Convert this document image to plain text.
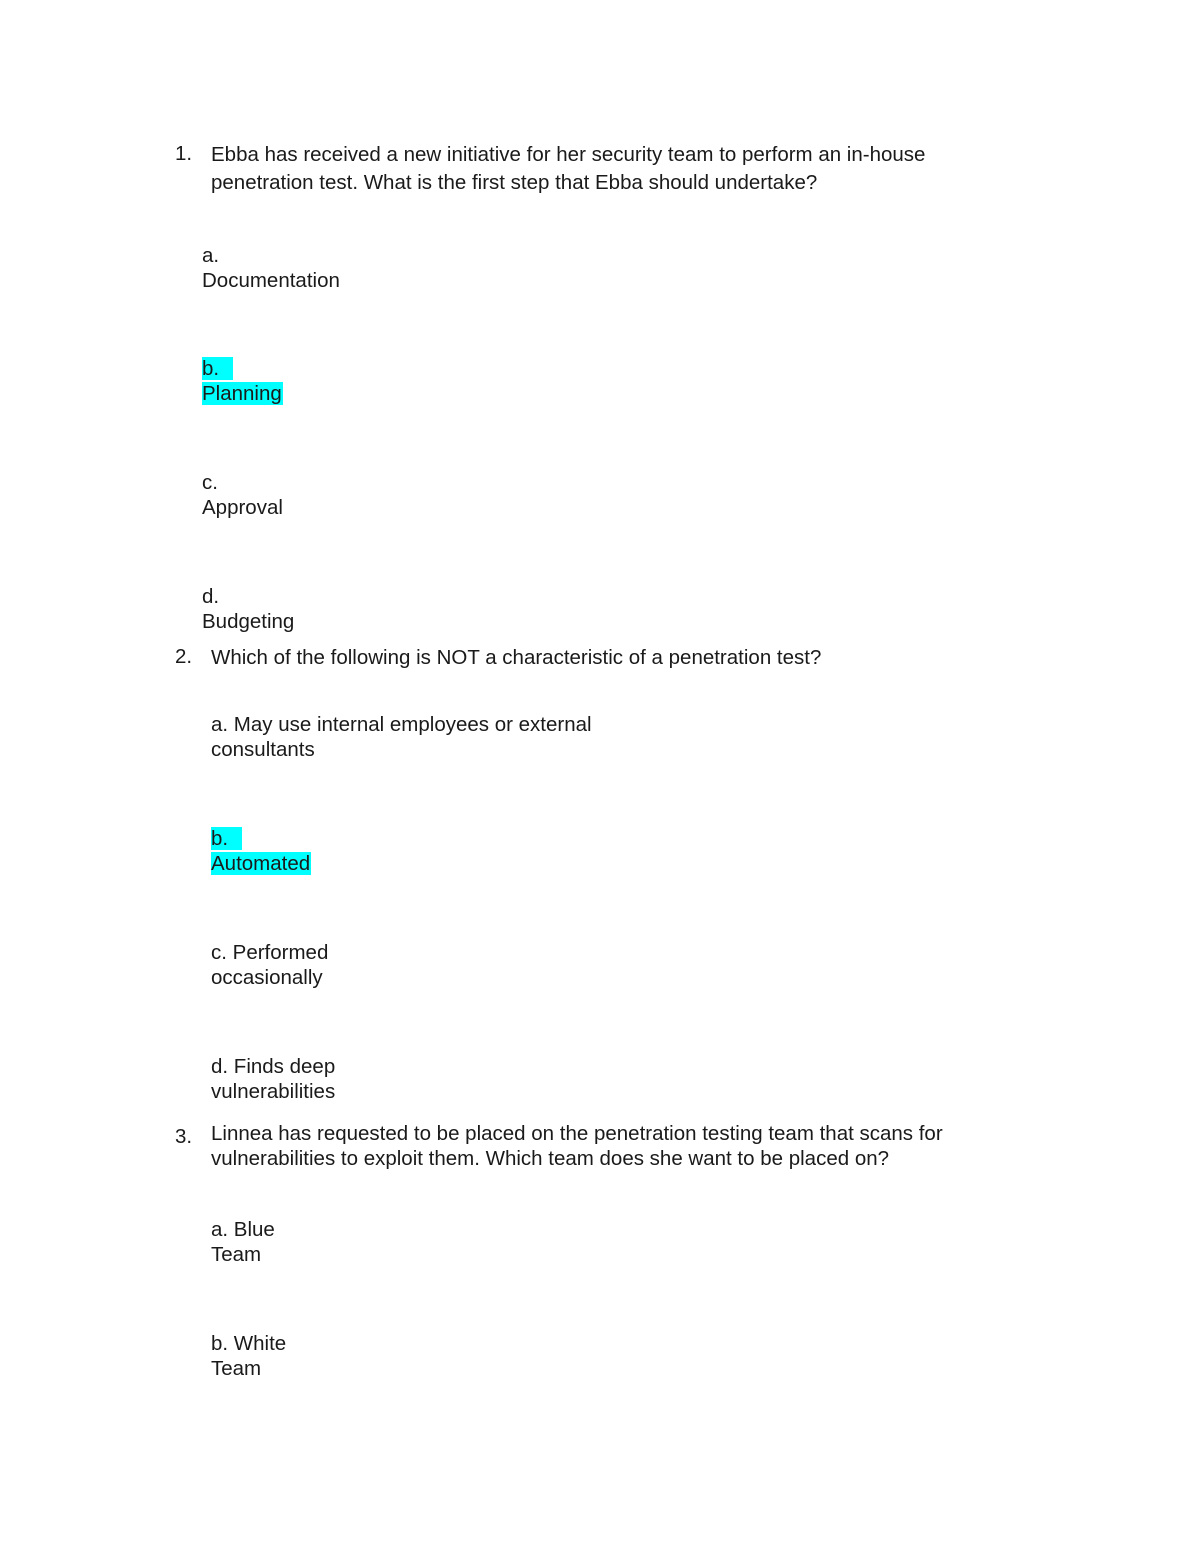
1. Ebba has received a new initiative for her security team to perform an in-house penetration test. What is the first step that Ebba should undertake?
a.
Documentation
b.
Planning
c.
Approval
d.
Budgeting
2. Which of the following is NOT a characteristic of a penetration test?
a. May use internal employees or external
consultants
b.
Automated
c. Performed
occasionally
d. Finds deep
vulnerabilities
3. Linnea has requested to be placed on the penetration testing team that scans for vulnerabilities to exploit them. Which team does she want to be placed on?
a. Blue
Team
b. White
Team
